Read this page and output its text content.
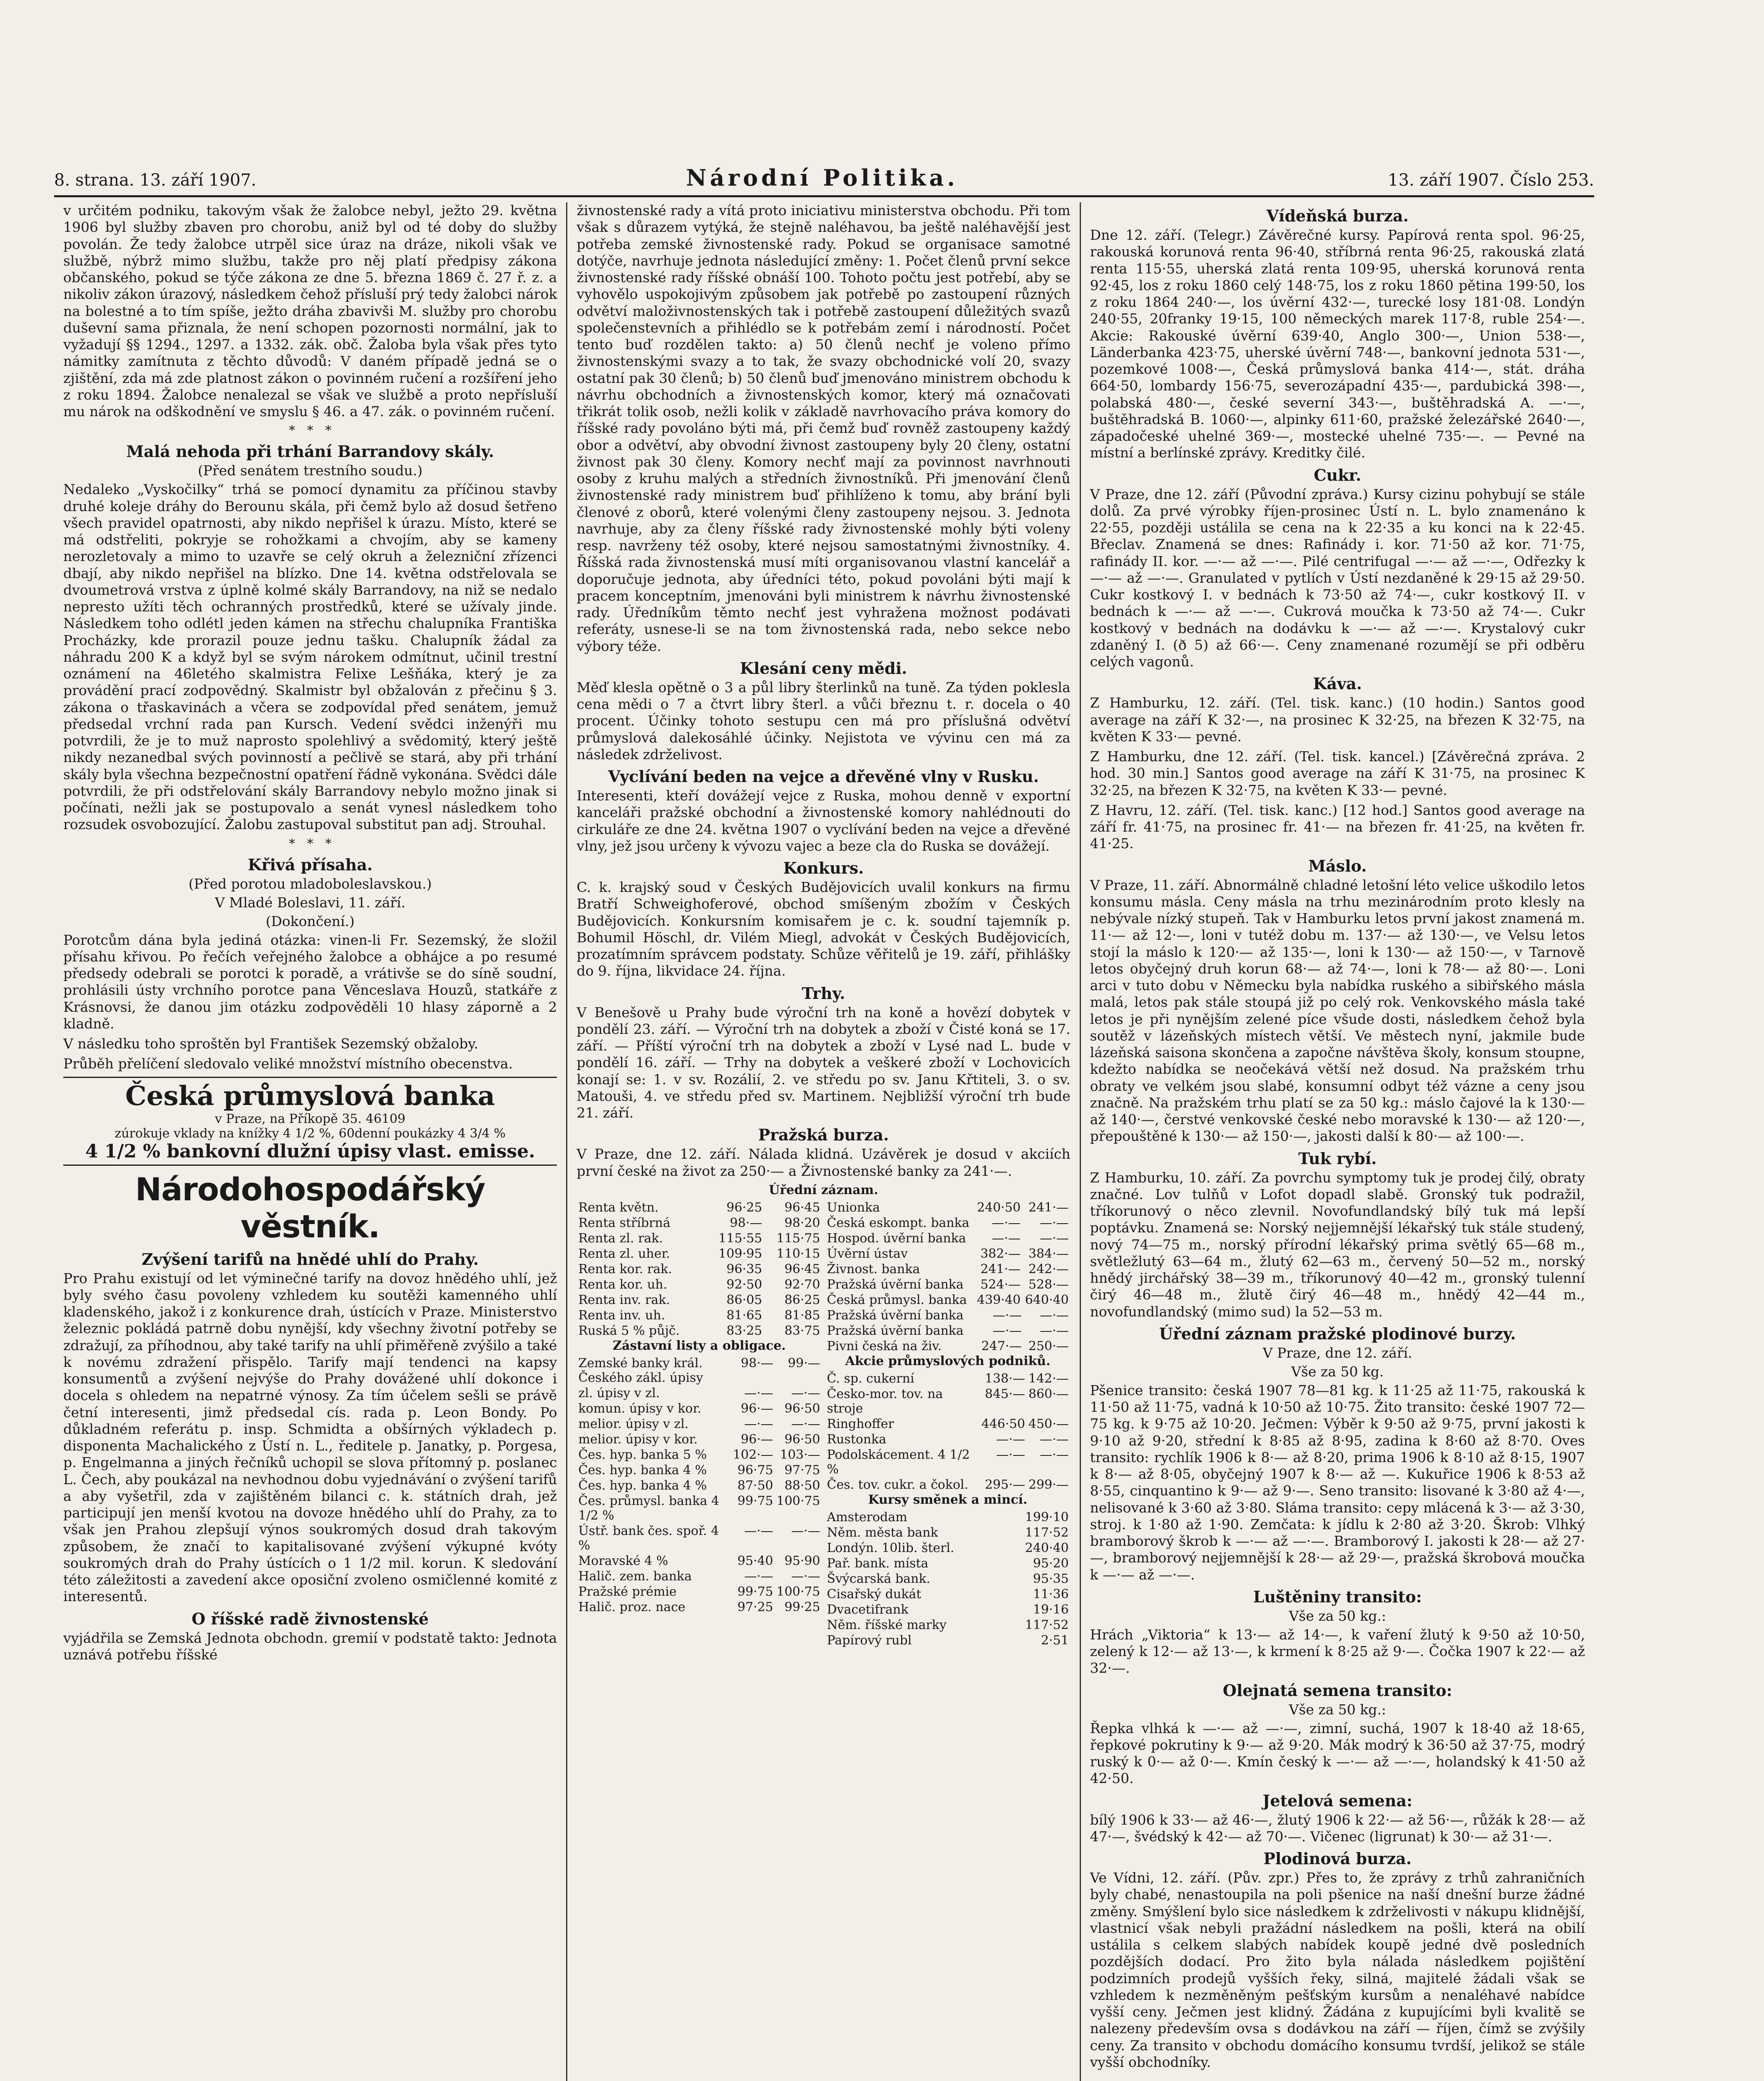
8. strana. 13. září 1907.	Národní Politika.	13. září 1907. Číslo 253.

v určitém podniku, takovým však že žalobce nebyl, ježto 29. května 1906 byl služby zbaven pro chorobu, aniž byl od té doby do služby povolán. Že tedy žalobce utrpěl sice úraz na dráze, nikoli však ve službě, nýbrž mimo službu, takže pro něj platí předpisy zákona občanského, pokud se týče zákona ze dne 5. března 1869 č. 27 ř. z. a nikoliv zákon úrazový, následkem čehož přísluší prý tedy žalobci nárok na bolestné a to tím spíše, ježto dráha zbavivši M. služby pro chorobu duševní sama přiznala, že není schopen pozornosti normální, jak to vyžadují §§ 1294., 1297. a 1332. zák. obč. Žaloba byla však přes tyto námitky zamítnuta z těchto důvodů: V daném případě jedná se o zjištění, zda má zde platnost zákon o povinném ručení a rozšíření jeho z roku 1894. Žalobce nenalezal se však ve službě a proto nepřísluší mu nárok na odškodnění ve smyslu § 46. a 47. zák. o povinném ručení.

*   *   *
Malá nehoda při trhání Barrandovy skály.
(Před senátem trestního soudu.)

Nedaleko „Vyskočilky“ trhá se pomocí dynamitu za příčinou stavby druhé koleje dráhy do Berounu skála, při čemž bylo až dosud šetřeno všech pravidel opatrnosti, aby nikdo nepřišel k úrazu. Místo, které se má odstřeliti, pokryje se rohožkami a chvojím, aby se kameny nerozletovaly a mimo to uzavře se celý okruh a železniční zřízenci dbají, aby nikdo nepřišel na blízko. Dne 14. května odstřelovala se dvoumetrová vrstva z úplně kolmé skály Barrandovy, na niž se nedalo nepresto užíti těch ochranných prostředků, které se užívaly jinde. Následkem toho odlétl jeden kámen na střechu chalupníka Františka Procházky, kde prorazil pouze jednu tašku. Chalupník žádal za náhradu 200 K a když byl se svým nárokem odmítnut, učinil trestní oznámení na 46letého skalmistra Felixe Lešňáka, který je za provádění prací zodpovědný. Skalmistr byl obžalován z přečinu § 3. zákona o třaskavinách a včera se zodpovídal před senátem, jemuž předsedal vrchní rada pan Kursch. Vedení svědci inženýři mu potvrdili, že je to muž naprosto spolehlivý a svědomitý, který ještě nikdy nezanedbal svých povinností a pečlivě se stará, aby při trhání skály byla všechna bezpečnostní opatření řádně vykonána. Svědci dále potvrdili, že při odstřelování skály Barrandovy nebylo možno jinak si počínati, nežli jak se postupovalo a senát vynesl následkem toho rozsudek osvobozující. Žalobu zastupoval substitut pan adj. Strouhal.

*   *   *
Křivá přísaha.
(Před porotou mladoboleslavskou.)
V Mladé Boleslavi, 11. září.
(Dokončení.)

Porotcům dána byla jediná otázka: vinen-li Fr. Sezemský, že složil přísahu křivou. Po řečích veřejného žalobce a obhájce a po resumé předsedy odebrali se porotci k poradě, a vrátivše se do síně soudní, prohlásili ústy vrchního porotce pana Věnceslava Houzů, statkáře z Krásnovsi, že danou jim otázku zodpověděli 10 hlasy záporně a 2 kladně.

V následku toho sproštěn byl František Sezemský obžaloby.

Průběh přelíčení sledovalo veliké množství místního obecenstva.

Česká průmyslová banka
v Praze, na Příkopě 35. 46109
zúrokuje vklady na knížky 4 1/2 %, 60denní poukázky 4 3/4 %
4 1/2 % bankovní dlužní úpisy vlast. emisse.
Národohospodářský věstník.
Zvýšení tarifů na hnědé uhlí do Prahy.

Pro Prahu existují od let výminečné tarify na dovoz hnědého uhlí, jež byly svého času povoleny vzhledem ku soutěži kamenného uhlí kladenského, jakož i z konkurence drah, ústících v Praze. Ministerstvo železnic pokládá patrně dobu nynější, kdy všechny životní potřeby se zdražují, za příhodnou, aby také tarify na uhlí přiměřeně zvýšilo a také k novému zdražení přispělo. Tarify mají tendenci na kapsy konsumentů a zvýšení nejvýše do Prahy dovážené uhlí dokonce i docela s ohledem na nepatrné výnosy. Za tím účelem sešli se právě četní interesenti, jimž předsedal cís. rada p. Leon Bondy. Po důkladném referátu p. insp. Schmidta a obšírných výkladech p. disponenta Machalického z Ústí n. L., ředitele p. Janatky, p. Porgesa, p. Engelmanna a jiných řečníků uchopil se slova přítomný p. poslanec L. Čech, aby poukázal na nevhodnou dobu vyjednávání o zvýšení tarifů a aby vyšetřil, zda v zajištěném bilanci c. k. státních drah, jež participují jen menší kvotou na dovoze hnědého uhlí do Prahy, za to však jen Prahou zlepšují výnos soukromých dosud drah takovým způsobem, že značí to kapitalisované zvýšení výkupné kvóty soukromých drah do Prahy ústících o 1 1/2 mil. korun. K sledování této záležitosti a zavedení akce oposiční zvoleno osmičlenné komité z interesentů.

O říšské radě živnostenské

vyjádřila se Zemská Jednota obchodn. gremií v podstatě takto: Jednota uznává potřebu říšské

živnostenské rady a vítá proto iniciativu ministerstva obchodu. Při tom však s důrazem vytýká, že stejně naléhavou, ba ještě naléhavější jest potřeba zemské živnostenské rady. Pokud se organisace samotné dotýče, navrhuje jednota následující změny: 1. Počet členů první sekce živnostenské rady říšské obnáší 100. Tohoto počtu jest potřebí, aby se vyhovělo uspokojivým způsobem jak potřebě po zastoupení různých odvětví maloživnostenských tak i potřebě zastoupení důležitých svazů společenstevních a přihlédlo se k potřebám zemí i národností. Počet tento buď rozdělen takto: a) 50 členů nechť je voleno přímo živnostenskými svazy a to tak, že svazy obchodnické volí 20, svazy ostatní pak 30 členů; b) 50 členů buď jmenováno ministrem obchodu k návrhu obchodních a živnostenských komor, který má označovati třikrát tolik osob, nežli kolik v základě navrhovacího práva komory do říšské rady povoláno býti má, při čemž buď rovněž zastoupeny každý obor a odvětví, aby obvodní živnost zastoupeny byly 20 členy, ostatní živnost pak 30 členy. Komory nechť mají za povinnost navrhnouti osoby z kruhu malých a středních živnostníků. Při jmenování členů živnostenské rady ministrem buď přihlíženo k tomu, aby brání byli členové z oborů, které volenými členy zastoupeny nejsou. 3. Jednota navrhuje, aby za členy říšské rady živnostenské mohly býti voleny resp. navrženy též osoby, které nejsou samostatnými živnostníky. 4. Říšská rada živnostenská musí míti organisovanou vlastní kancelář a doporučuje jednota, aby úředníci této, pokud povoláni býti mají k pracem konceptním, jmenováni byli ministrem k návrhu živnostenské rady. Úředníkům těmto nechť jest vyhražena možnost podávati referáty, usnese-li se na tom živnostenská rada, nebo sekce nebo výbory téže.

Klesání ceny mědi.

Měď klesla opětně o 3 a půl libry šterlinků na tuně. Za týden poklesla cena mědi o 7 a čtvrt libry šterl. a vůči březnu t. r. docela o 40 procent. Účinky tohoto sestupu cen má pro příslušná odvětví průmyslová dalekosáhlé účinky. Nejistota ve vývinu cen má za následek zdrželivost.

Vyclívání beden na vejce a dřevěné vlny v Rusku.

Interesenti, kteří dovážejí vejce z Ruska, mohou denně v exportní kanceláři pražské obchodní a živnostenské komory nahlédnouti do cirkuláře ze dne 24. května 1907 o vyclívání beden na vejce a dřevěné vlny, jež jsou určeny k vývozu vajec a beze cla do Ruska se dovážejí.

Konkurs.

C. k. krajský soud v Českých Budějovicích uvalil konkurs na firmu Bratří Schweighoferové, obchod smíšeným zbožím v Českých Budějovicích. Konkursním komisařem je c. k. soudní tajemník p. Bohumil Höschl, dr. Vilém Miegl, advokát v Českých Budějovicích, prozatímním správcem podstaty. Schůze věřitelů je 19. září, přihlášky do 9. října, likvidace 24. října.

Trhy.

V Benešově u Prahy bude výroční trh na koně a hovězí dobytek v pondělí 23. září. — Výroční trh na dobytek a zboží v Čisté koná se 17. září. — Příští výroční trh na dobytek a zboží v Lysé nad L. bude v pondělí 16. září. — Trhy na dobytek a veškeré zboží v Lochovicích konají se: 1. v sv. Rozálií, 2. ve středu po sv. Janu Křtiteli, 3. o sv. Matouši, 4. ve středu před sv. Martinem. Nejbližší výroční trh bude 21. září.

Pražská burza.

V Praze, dne 12. září. Nálada klidná. Uzávěrek je dosud v akciích první české na život za 250·— a Živnostenské banky za 241·—.

Úřední záznam.
Renta květn.	96·25	96·45
Renta stříbrná	98·—	98·20
Renta zl. rak.	115·55	115·75
Renta zl. uher.	109·95	110·15
Renta kor. rak.	96·35	96·45
Renta kor. uh.	92·50	92·70
Renta inv. rak.	86·05	86·25
Renta inv. uh.	81·65	81·85
Ruská 5 % půjč.	83·25	83·75
Zástavní listy a obligace.
Zemské banky král. Českého zákl. úpisy	98·—	99·—
zl. úpisy v zl.	—·—	—·—
komun. úpisy v kor.	96·—	96·50
melior. úpisy v zl.	—·—	—·—
melior. úpisy v kor.	96·—	96·50
Čes. hyp. banka 5 %	102·—	103·—
Čes. hyp. banka 4 %	96·75	97·75
Čes. hyp. banka 4 %	87·50	88·50
Čes. průmysl. banka 4 1/2 %	99·75	100·75
Ústř. bank čes. spoř. 4 %	—·—	—·—
Moravské 4 %	95·40	95·90
Halič. zem. banka	—·—	—·—
Pražské prémie	99·75	100·75
Halič. proz. nace	97·25	99·25
Unionka	240·50	241·—
Česká eskompt. banka	—·—	—·—
Hospod. úvěrní banka	—·—	—·—
Úvěrní ústav	382·—	384·—
Živnost. banka	241·—	242·—
Pražská úvěrní banka	524·—	528·—
Česká průmysl. banka	439·40	640·40
Pražská úvěrní banka	—·—	—·—
Pražská úvěrní banka	—·—	—·—
Pivni česká na živ.	247·—	250·—
Akcie průmyslových podniků.
Č. sp. cukerní	138·—	142·—
Česko-mor. tov. na stroje	845·—	860·—
Ringhoffer	446·50	450·—
Rustonka	—·—	—·—
Podolskácement. 4 1/2 %	—·—	—·—
Čes. tov. cukr. a čokol.	295·—	299·—
Kursy směnek a mincí.
Amsterodam	199·10
Něm. města bank	117·52
Londýn. 10lib. šterl.	240·40
Pař. bank. místa	95·20
Švýcarská bank.	95·35
Cisařský dukát	11·36
Dvacetifrank	19·16
Něm. říšské marky	117·52
Papírový rubl	2·51
Vídeňská burza.

Dne 12. září. (Telegr.) Závěrečné kursy. Papírová renta spol. 96·25, rakouská korunová renta 96·40, stříbrná renta 96·25, rakouská zlatá renta 115·55, uherská zlatá renta 109·95, uherská korunová renta 92·45, los z roku 1860 celý 148·75, los z roku 1860 pětina 199·50, los z roku 1864 240·—, los úvěrní 432·—, turecké losy 181·08. Londýn 240·55, 20franky 19·15, 100 německých marek 117·8, ruble 254·—. Akcie: Rakouské úvěrní 639·40, Anglo 300·—, Union 538·—, Länderbanka 423·75, uherské úvěrní 748·—, bankovní jednota 531·—, pozemkové 1008·—, Česká průmyslová banka 414·—, stát. dráha 664·50, lombardy 156·75, severozápadní 435·—, pardubická 398·—, polabská 480·—, české severní 343·—, buštěhradská A. —·—, buštěhradská B. 1060·—, alpinky 611·60, pražské železářské 2640·—, západočeské uhelné 369·—, mostecké uhelné 735·—. — Pevné na místní a berlínské zprávy. Kreditky čilé.

Cukr.

V Praze, dne 12. září (Původní zpráva.) Kursy cizinu pohybují se stále dolů. Za prvé výrobky říjen-prosinec Ústí n. L. bylo znamenáno k 22·55, později ustálila se cena na k 22·35 a ku konci na k 22·45. Břeclav. Znamená se dnes: Rafinády i. kor. 71·50 až kor. 71·75, rafinády II. kor. —·— až —·—. Pilé centrifugal —·— až —·—, Odřezky k —·— až —·—. Granulated v pytlích v Ústí nezdaněné k 29·15 až 29·50. Cukr kostkový I. v bednách k 73·50 až 74·—, cukr kostkový II. v bednách k —·— až —·—. Cukrová moučka k 73·50 až 74·—. Cukr kostkový v bednách na dodávku k —·— až —·—. Krystalový cukr zdaněný I. (ð 5) až 66·—. Ceny znamenané rozumějí se při odběru celých vagonů.

Káva.

Z Hamburku, 12. září. (Tel. tisk. kanc.) (10 hodin.) Santos good average na září K 32·—, na prosinec K 32·25, na březen K 32·75, na květen K 33·— pevné.

Z Hamburku, dne 12. září. (Tel. tisk. kancel.) [Závěrečná zpráva. 2 hod. 30 min.] Santos good average na září K 31·75, na prosinec K 32·25, na březen K 32·75, na květen K 33·— pevné.

Z Havru, 12. září. (Tel. tisk. kanc.) [12 hod.] Santos good average na září fr. 41·75, na prosinec fr. 41·— na březen fr. 41·25, na květen fr. 41·25.

Máslo.

V Praze, 11. září. Abnormálně chladné letošní léto velice uškodilo letos konsumu másla. Ceny másla na trhu mezinárodním proto klesly na nebývale nízký stupeň. Tak v Hamburku letos první jakost znamená m. 11·— až 12·—, loni v tutéž dobu m. 137·— až 130·—, ve Velsu letos stojí la máslo k 120·— až 135·—, loni k 130·— až 150·—, v Tarnově letos obyčejný druh korun 68·— až 74·—, loni k 78·— až 80·—. Loni arci v tuto dobu v Německu byla nabídka ruského a sibiřského másla malá, letos pak stále stoupá již po celý rok. Venkovského másla také letos je při nynějším zelené píce všude dosti, následkem čehož byla soutěž v lázeňských místech větší. Ve městech nyní, jakmile bude lázeňská saisona skončena a započne návštěva školy, konsum stoupne, kdežto nabídka se neočekává větší než dosud. Na pražském trhu obraty ve velkém jsou slabé, konsumní odbyt též vázne a ceny jsou značně. Na pražském trhu platí se za 50 kg.: máslo čajové la k 130·— až 140·—, čerstvé venkovské české nebo moravské k 130·— až 120·—, přepouštěné k 130·— až 150·—, jakosti další k 80·— až 100·—.

Tuk rybí.

Z Hamburku, 10. září. Za povrchu symptomy tuk je prodej čilý, obraty značné. Lov tulňů v Lofot dopadl slabě. Gronský tuk podražil, tříkorunový o něco zlevnil. Novofundlandský bílý tuk má lepší poptávku. Znamená se: Norský nejjemnější lékařský tuk stále studený, nový 74—75 m., norský přírodní lékařský prima světlý 65—68 m., světležlutý 63—64 m., žlutý 62—63 m., červený 50—52 m., norský hnědý jirchářský 38—39 m., tříkorunový 40—42 m., gronský tulenní čirý 46—48 m., žlutě čirý 46—48 m., hnědý 42—44 m., novofundlandský (mimo sud) la 52—53 m.

Úřední záznam pražské plodinové burzy.
V Praze, dne 12. září.
Vše za 50 kg.

Pšenice transito: česká 1907 78—81 kg. k 11·25 až 11·75, rakouská k 11·50 až 11·75, vadná k 10·50 až 10·75. Žito transito: české 1907 72—75 kg. k 9·75 až 10·20. Ječmen: Výběr k 9·50 až 9·75, první jakosti k 9·10 až 9·20, střední k 8·85 až 8·95, zadina k 8·60 až 8·70. Oves transito: rychlík 1906 k 8·— až 8·20, prima 1906 k 8·10 až 8·15, 1907 k 8·— až 8·05, obyčejný 1907 k 8·— až —. Kukuřice 1906 k 8·53 až 8·55, cinquantino k 9·— až 9·—. Seno transito: lisované k 3·80 až 4·—, nelisované k 3·60 až 3·80. Sláma transito: cepy mlácená k 3·— až 3·30, stroj. k 1·80 až 1·90. Zemčata: k jídlu k 2·80 až 3·20. Škrob: Vlhký bramborový škrob k —·— až —·—. Bramborový I. jakosti k 28·— až 27·—, bramborový nejjemnější k 28·— až 29·—, pražská škrobová moučka k —·— až —·—.

Luštěniny transito:
Vše za 50 kg.:

Hrách „Viktoria“ k 13·— až 14·—, k vaření žlutý k 9·50 až 10·50, zelený k 12·— až 13·—, k krmení k 8·25 až 9·—. Čočka 1907 k 22·— až 32·—.

Olejnatá semena transito:
Vše za 50 kg.:

Řepka vlhká k —·— až —·—, zimní, suchá, 1907 k 18·40 až 18·65, řepkové pokrutiny k 9·— až 9·20. Mák modrý k 36·50 až 37·75, modrý ruský k 0·— až 0·—. Kmín český k —·— až —·—, holandský k 41·50 až 42·50.

Jetelová semena:

bílý 1906 k 33·— až 46·—, žlutý 1906 k 22·— až 56·—, růžák k 28·— až 47·—, švédský k 42·— až 70·—. Vičenec (ligrunat) k 30·— až 31·—.

Plodinová burza.

Ve Vídni, 12. září. (Pův. zpr.) Přes to, že zprávy z trhů zahraničních byly chabé, nenastoupila na poli pšenice na naší dnešní burze žádné změny. Smýšlení bylo sice následkem k zdrželivosti v nákupu klidnější, vlastnicí však nebyli pražádní následkem na pošli, která na obilí ustálila s celkem slabých nabídek koupě jedné dvě posledních pozdějších dodací. Pro žito byla nálada následkem pojištění podzimních prodejů vyšších řeky, silná, majitelé žádali však se vzhledem k nezměněným pešťským kursům a nenaléhavé nabídce vyšší ceny. Ječmen jest klidný. Žádána z kupujícími byli kvalitě se nalezeny především ovsa s dodávkou na září — říjen, čímž se zvýšily ceny. Za transito v obchodu domácího konsumu tvrdší, jelikož se stále vyšší obchodníky.
